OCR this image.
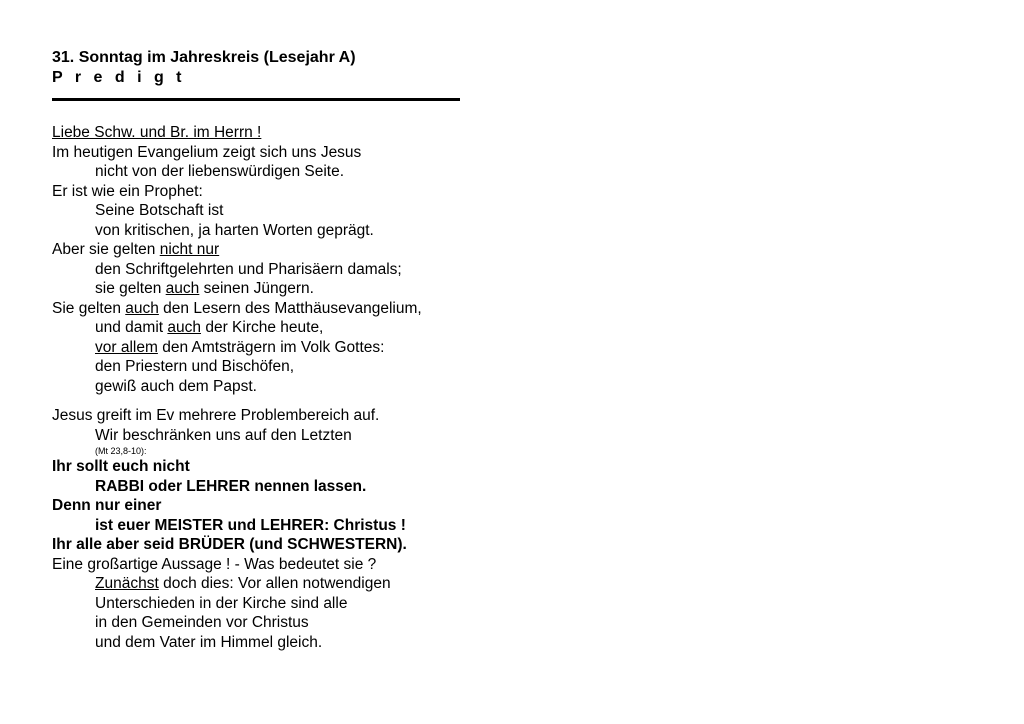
31. Sonntag im Jahreskreis (Lesejahr A)
P r e d i g t
Liebe Schw. und Br. im Herrn !
Im heutigen Evangelium zeigt sich uns Jesus
nicht von der liebenswürdigen Seite.
Er ist wie ein Prophet:
Seine Botschaft ist
von kritischen, ja harten Worten geprägt.
Aber sie gelten nicht nur
den Schriftgelehrten und Pharisäern damals;
sie gelten auch seinen Jüngern.
Sie gelten auch den Lesern des Matthäusevangelium,
und damit auch der Kirche heute,
vor allem den Amtsträgern im Volk Gottes:
den Priestern und Bischöfen,
gewiß auch dem Papst.
Jesus greift im Ev mehrere Problembereich auf.
Wir beschränken uns auf den Letzten
(Mt 23,8-10):
Ihr sollt euch nicht
RABBI oder LEHRER nennen lassen.
Denn nur einer
ist euer MEISTER und LEHRER: Christus !
Ihr alle aber seid BRÜDER (und SCHWESTERN).
Eine großartige Aussage ! - Was bedeutet sie ?
Zunächst doch dies: Vor allen notwendigen
Unterschieden in der Kirche sind alle
in den Gemeinden vor Christus
und dem Vater im Himmel gleich.
